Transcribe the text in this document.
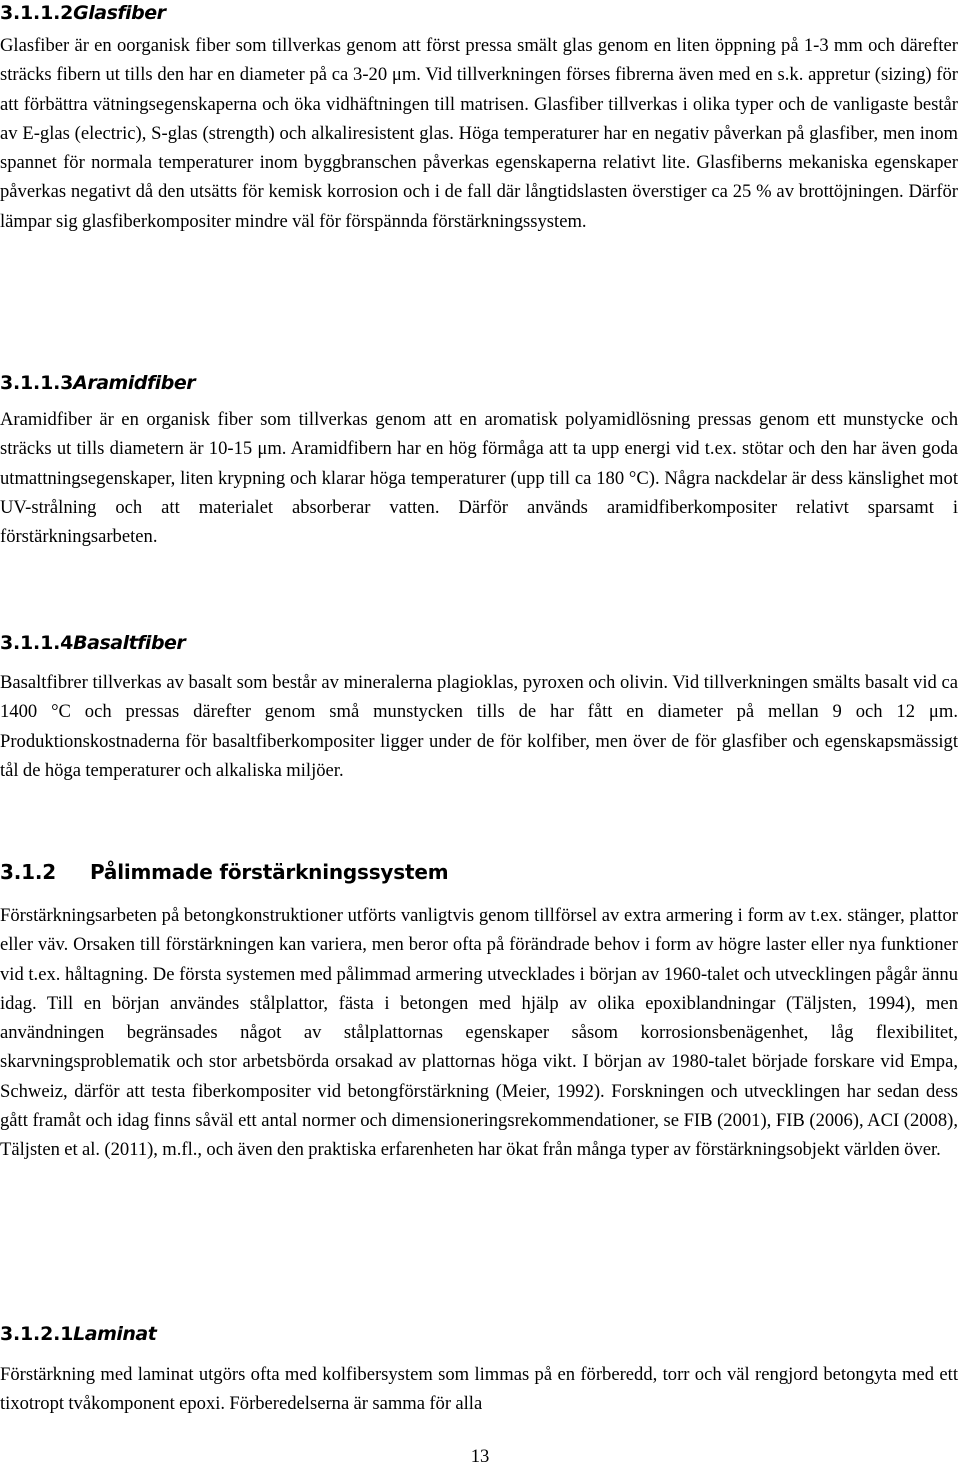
3.1.1.2Glasfiber

Glasfiber är en oorganisk fiber som tillverkas genom att först pressa smält glas genom en liten öppning på 1-3 mm och därefter sträcks fibern ut tills den har en diameter på ca 3-20 μm. Vid tillverkningen förses fibrerna även med en s.k. appretur (sizing) för att förbättra vätningsegenskaperna och öka vidhäftningen till matrisen. Glasfiber tillverkas i olika typer och de vanligaste består av E-glas (electric), S-glas (strength) och alkaliresistent glas. Höga temperaturer har en negativ påverkan på glasfiber, men inom spannet för normala temperaturer inom byggbranschen påverkas egenskaperna relativt lite. Glasfiberns mekaniska egenskaper påverkas negativt då den utsätts för kemisk korrosion och i de fall där långtidslasten överstiger ca 25 % av brottöjningen. Därför lämpar sig glasfiberkompositer mindre väl för förspännda förstärkningssystem.

3.1.1.3Aramidfiber

Aramidfiber är en organisk fiber som tillverkas genom att en aromatisk polyamidlösning pressas genom ett munstycke och sträcks ut tills diametern är 10-15 μm. Aramidfibern har en hög förmåga att ta upp energi vid t.ex. stötar och den har även goda utmattningsegenskaper, liten krypning och klarar höga temperaturer (upp till ca 180 °C). Några nackdelar är dess känslighet mot UV-strålning och att materialet absorberar vatten. Därför används aramidfiberkompositer relativt sparsamt i förstärkningsarbeten.

3.1.1.4Basaltfiber

Basaltfibrer tillverkas av basalt som består av mineralerna plagioklas, pyroxen och olivin. Vid tillverkningen smälts basalt vid ca 1400 °C och pressas därefter genom små munstycken tills de har fått en diameter på mellan 9 och 12 μm. Produktionskostnaderna för basaltfiberkompositer ligger under de för kolfiber, men över de för glasfiber och egenskapsmässigt tål de höga temperaturer och alkaliska miljöer.

3.1.2 Pålimmade förstärkningssystem

Förstärkningsarbeten på betongkonstruktioner utförts vanligtvis genom tillförsel av extra armering i form av t.ex. stänger, plattor eller väv. Orsaken till förstärkningen kan variera, men beror ofta på förändrade behov i form av högre laster eller nya funktioner vid t.ex. håltagning. De första systemen med pålimmad armering utvecklades i början av 1960-talet och utvecklingen pågår ännu idag. Till en början användes stålplattor, fästa i betongen med hjälp av olika epoxiblandningar (Täljsten, 1994), men användningen begränsades något av stålplattornas egenskaper såsom korrosionsbenägenhet, låg flexibilitet, skarvningsproblematik och stor arbetsbörda orsakad av plattornas höga vikt. I början av 1980-talet började forskare vid Empa, Schweiz, därför att testa fiberkompositer vid betongförstärkning (Meier, 1992). Forskningen och utvecklingen har sedan dess gått framåt och idag finns såväl ett antal normer och dimensioneringsrekommendationer, se FIB (2001), FIB (2006), ACI (2008), Täljsten et al. (2011), m.fl., och även den praktiska erfarenheten har ökat från många typer av förstärkningsobjekt världen över.

3.1.2.1Laminat

Förstärkning med laminat utgörs ofta med kolfibersystem som limmas på en förberedd, torr och väl rengjord betongyta med ett tixotropt tvåkomponent epoxi. Förberedelserna är samma för alla

13
